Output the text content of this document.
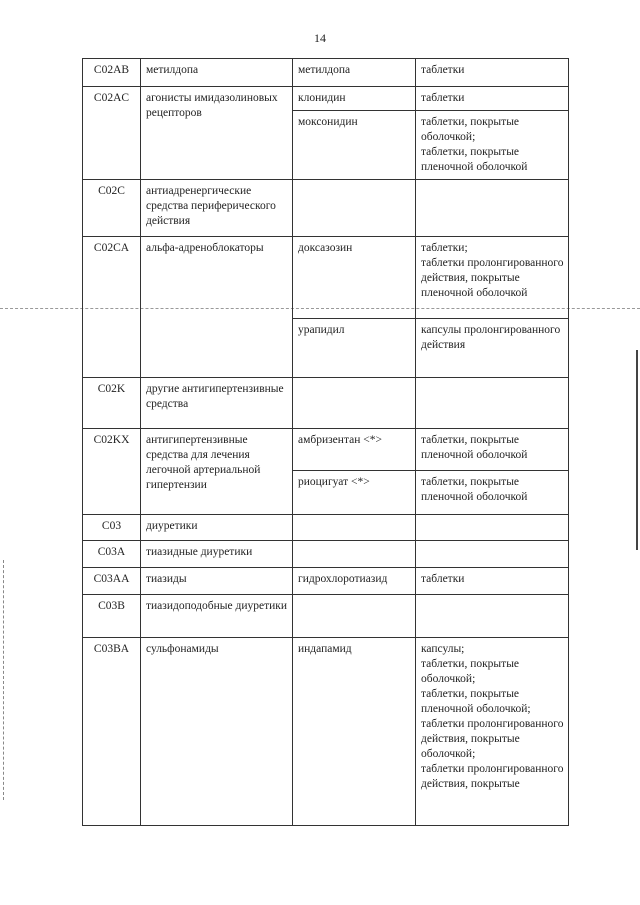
14
C02AB	метилдопа	метилдопа	таблетки
C02AC	агонисты имидазолиновых рецепторов	клонидин	таблетки
		моксонидин	таблетки, покрытые оболочкой;
таблетки, покрытые пленочной оболочкой
C02C	антиадренергические средства периферического действия		
C02CA	альфа-адреноблокаторы	доксазозин	таблетки;
таблетки пролонгированного действия, покрытые пленочной оболочкой
		урапидил	капсулы пролонгированного действия
C02K	другие антигипертензивные средства		
C02KX	антигипертензивные средства для лечения легочной артериальной гипертензии	амбризентан <*>	таблетки, покрытые пленочной оболочкой
		риоцигуат <*>	таблетки, покрытые пленочной оболочкой
C03	диуретики		
C03A	тиазидные диуретики		
C03AA	тиазиды	гидрохлоротиазид	таблетки
C03B	тиазидоподобные диуретики		
C03BA	сульфонамиды	индапамид	капсулы;
таблетки, покрытые оболочкой;
таблетки, покрытые пленочной оболочкой;
таблетки пролонгированного действия, покрытые оболочкой;
таблетки пролонгированного действия, покрытые
